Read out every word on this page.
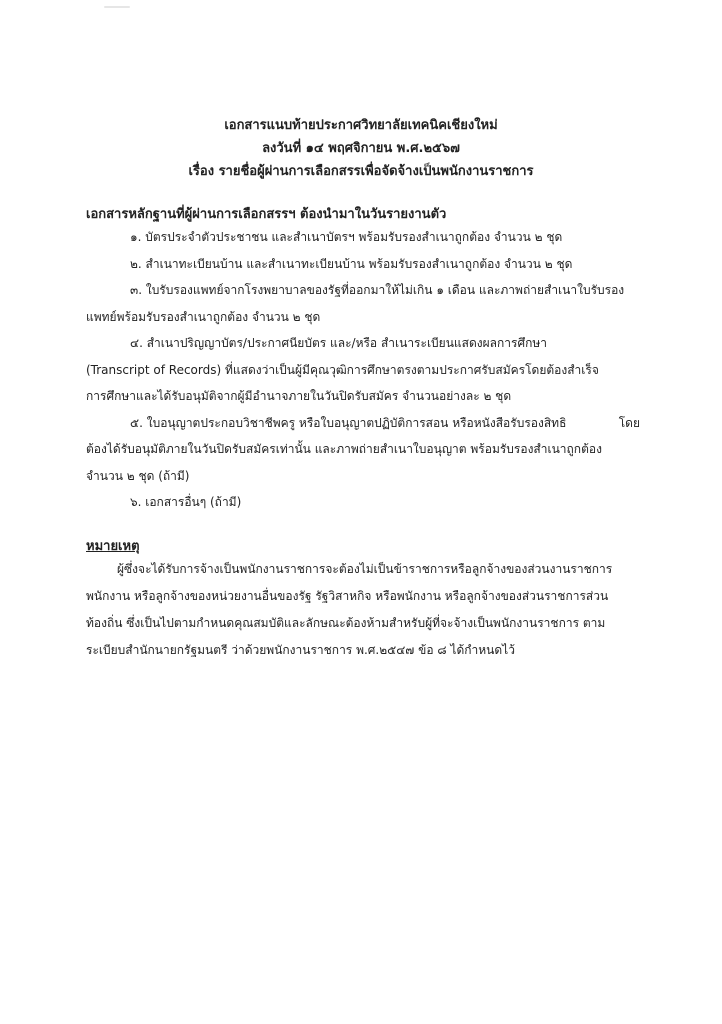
เอกสารแนบท้ายประกาศวิทยาลัยเทคนิคเชียงใหม่
ลงวันที่ ๑๔ พฤศจิกายน พ.ศ.๒๕๖๗
เรื่อง รายชื่อผู้ผ่านการเลือกสรรเพื่อจัดจ้างเป็นพนักงานราชการ
เอกสารหลักฐานที่ผู้ผ่านการเลือกสรรฯ ต้องนำมาในวันรายงานตัว
๑. บัตรประจำตัวประชาชน และสำเนาบัตรฯ พร้อมรับรองสำเนาถูกต้อง จำนวน ๒ ชุด
๒. สำเนาทะเบียนบ้าน และสำเนาทะเบียนบ้าน พร้อมรับรองสำเนาถูกต้อง จำนวน ๒ ชุด
๓. ใบรับรองแพทย์จากโรงพยาบาลของรัฐที่ออกมาให้ไม่เกิน ๑ เดือน และภาพถ่ายสำเนาใบรับรอง
แพทย์พร้อมรับรองสำเนาถูกต้อง จำนวน ๒ ชุด
๔. สำเนาปริญญาบัตร/ประกาศนียบัตร และ/หรือ สำเนาระเบียนแสดงผลการศึกษา
(Transcript of Records) ที่แสดงว่าเป็นผู้มีคุณวุฒิการศึกษาตรงตามประกาศรับสมัครโดยต้องสำเร็จ
การศึกษาและได้รับอนุมัติจากผู้มีอำนาจภายในวันปิดรับสมัคร จำนวนอย่างละ ๒ ชุด
๕. ใบอนุญาตประกอบวิชาชีพครู หรือใบอนุญาตปฏิบัติการสอน หรือหนังสือรับรองสิทธิ	โดย
ต้องได้รับอนุมัติภายในวันปิดรับสมัครเท่านั้น และภาพถ่ายสำเนาใบอนุญาต พร้อมรับรองสำเนาถูกต้อง
จำนวน ๒ ชุด (ถ้ามี)
๖. เอกสารอื่นๆ (ถ้ามี)
หมายเหตุ
ผู้ซึ่งจะได้รับการจ้างเป็นพนักงานราชการจะต้องไม่เป็นข้าราชการหรือลูกจ้างของส่วนงานราชการ
พนักงาน หรือลูกจ้างของหน่วยงานอื่นของรัฐ รัฐวิสาหกิจ หรือพนักงาน หรือลูกจ้างของส่วนราชการส่วน
ท้องถิ่น ซึ่งเป็นไปตามกำหนดคุณสมบัติและลักษณะต้องห้ามสำหรับผู้ที่จะจ้างเป็นพนักงานราชการ ตาม
ระเบียบสำนักนายกรัฐมนตรี ว่าด้วยพนักงานราชการ พ.ศ.๒๕๔๗ ข้อ ๘ ได้กำหนดไว้
